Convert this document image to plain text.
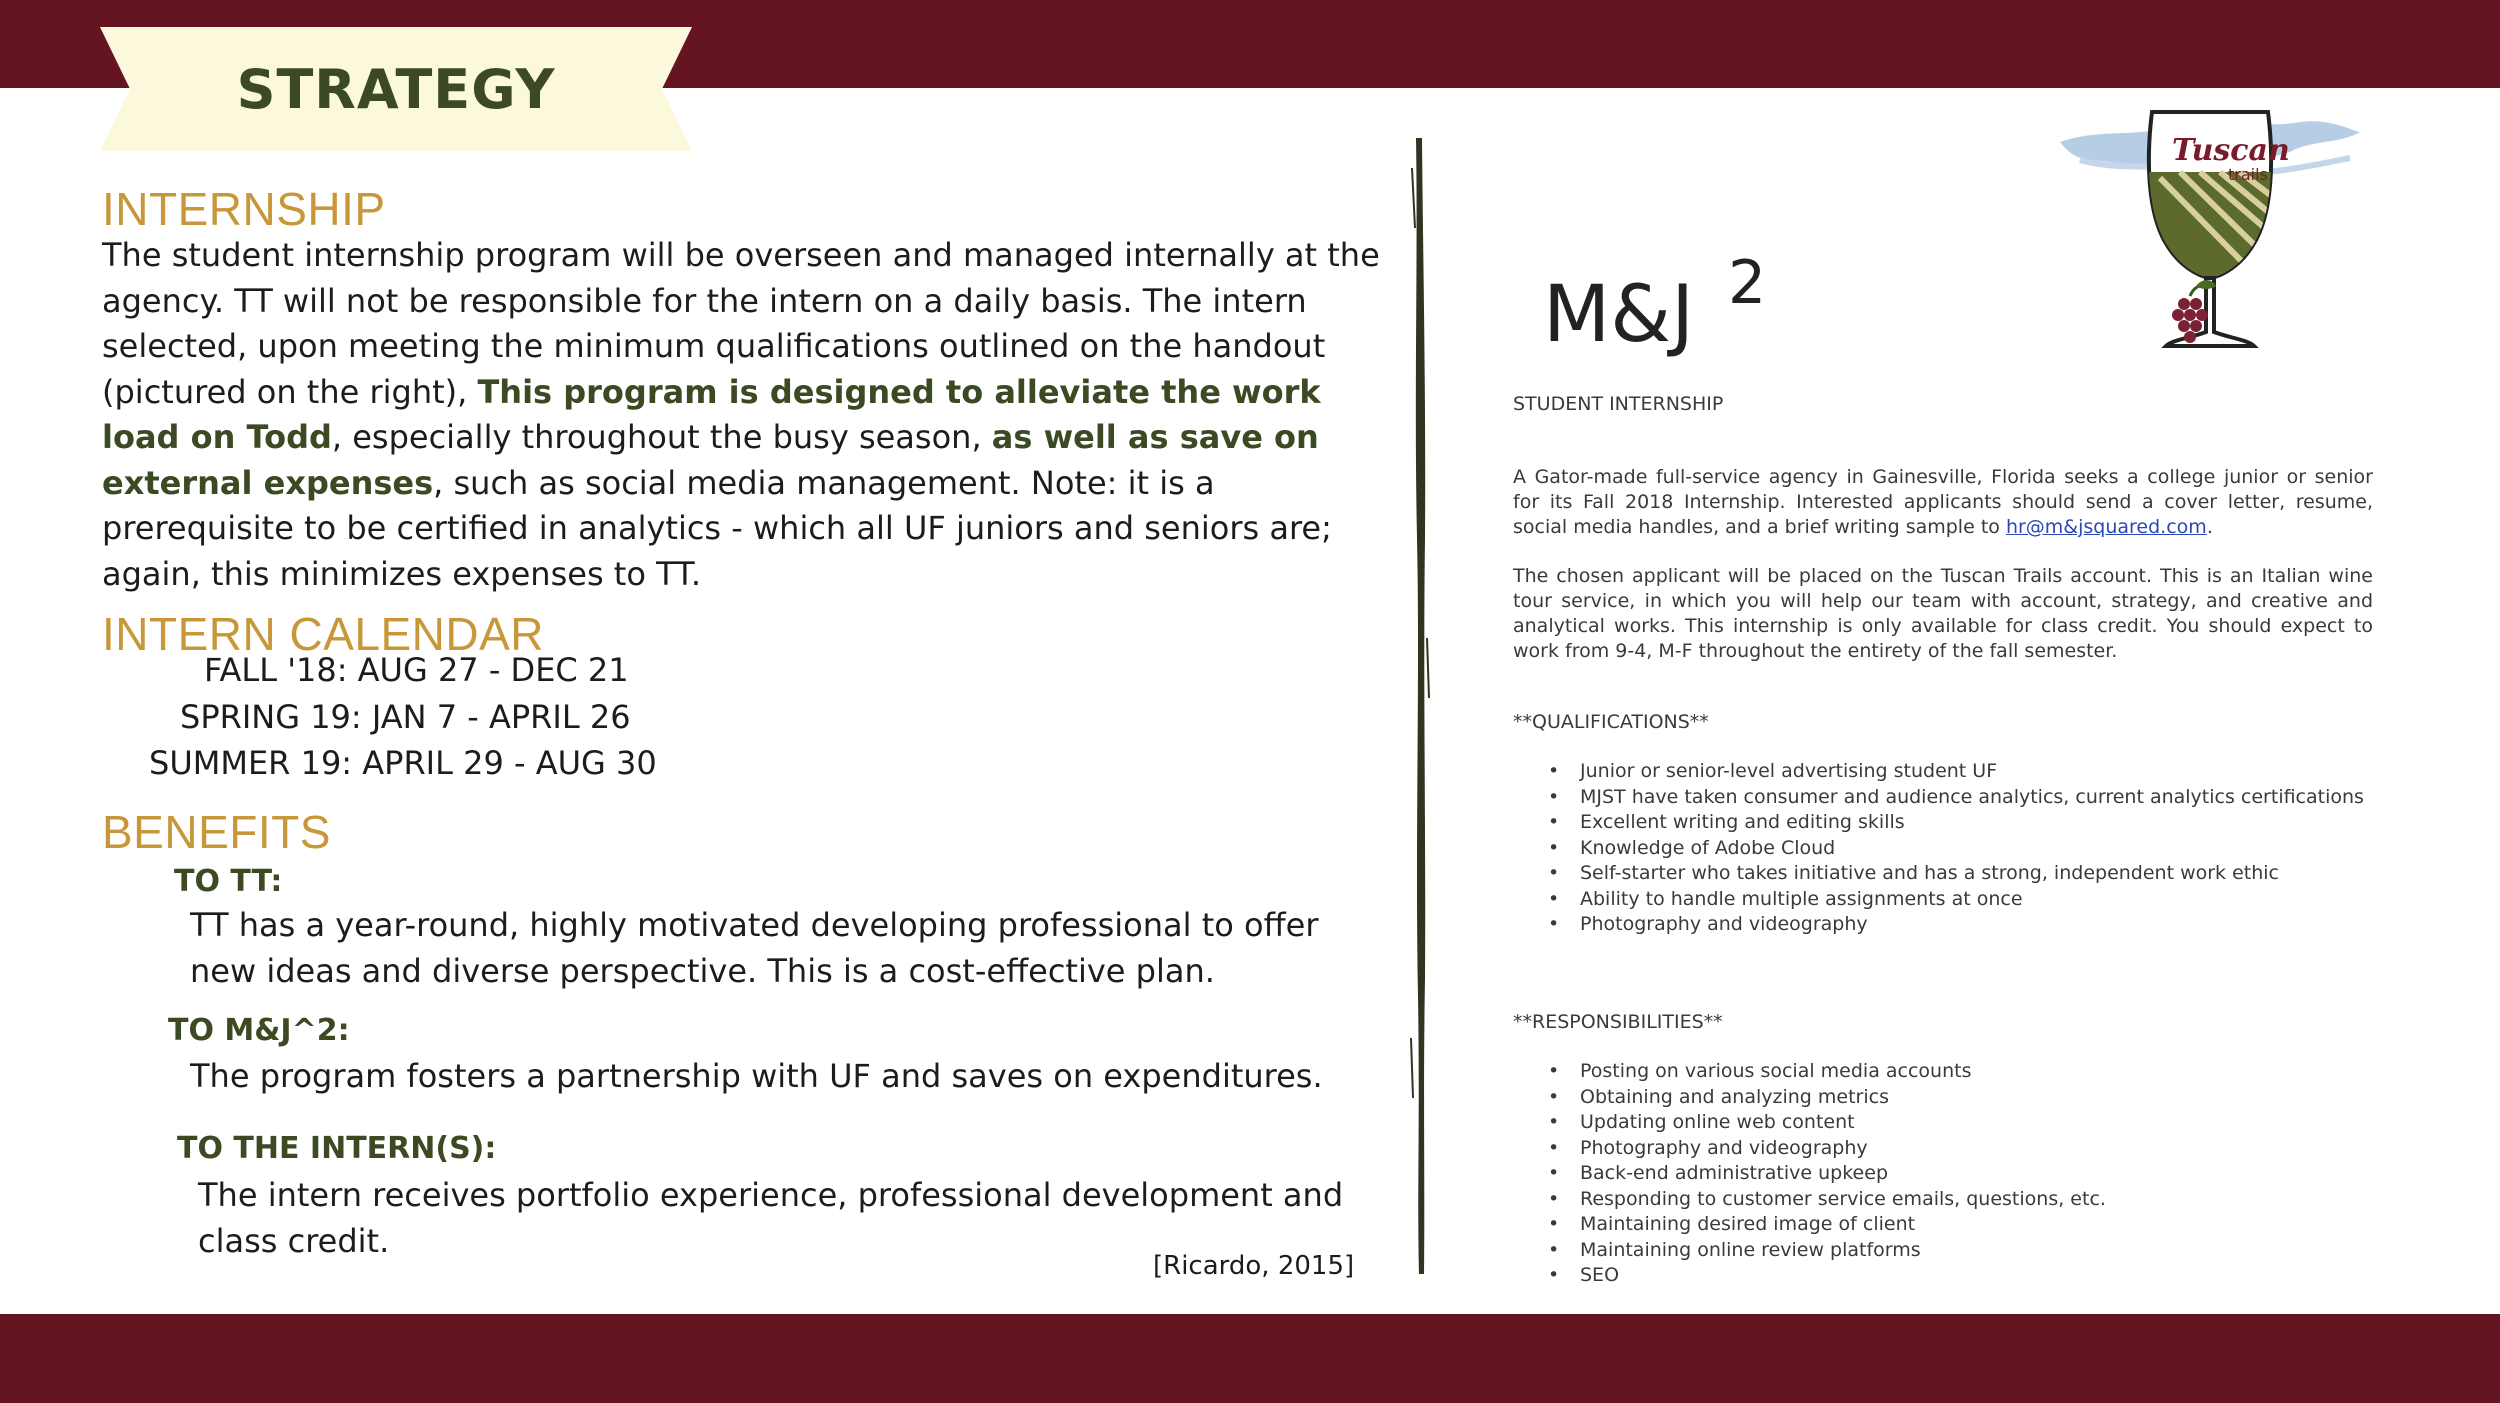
STRATEGY
INTERNSHIP
The student internship program will be overseen and managed internally at the agency. TT will not be responsible for the intern on a daily basis. The intern selected, upon meeting the minimum qualifications outlined on the handout (pictured on the right), This program is designed to alleviate the work load on Todd, especially throughout the busy season, as well as save on external expenses, such as social media management. Note: it is a prerequisite to be certified in analytics - which all UF juniors and seniors are; again, this minimizes expenses to TT.
INTERN CALENDAR
FALL '18: AUG 27 - DEC 21
SPRING 19: JAN 7 - APRIL 26
SUMMER 19: APRIL 29 - AUG 30
BENEFITS
TO TT:
TT has a year-round, highly motivated developing professional to offer new ideas and diverse perspective. This is a cost-effective plan.
TO M&J^2:
The program fosters a partnership with UF and saves on expenditures.
TO THE INTERN(S):
The intern receives portfolio experience, professional development and class credit.
[Ricardo, 2015]
M&J 2
Tuscan
trails
STUDENT INTERNSHIP
A Gator-made full-service agency in Gainesville, Florida seeks a college junior or senior for its Fall 2018 Internship. Interested applicants should send a cover letter, resume, social media handles, and a brief writing sample to hr@m&jsquared.com.
The chosen applicant will be placed on the Tuscan Trails account. This is an Italian wine tour service, in which you will help our team with account, strategy, and creative and analytical works. This internship is only available for class credit. You should expect to work from 9-4, M-F throughout the entirety of the fall semester.
**QUALIFICATIONS**
• Junior or senior-level advertising student UF
• MJST have taken consumer and audience analytics, current analytics certifications
• Excellent writing and editing skills
• Knowledge of Adobe Cloud
• Self-starter who takes initiative and has a strong, independent work ethic
• Ability to handle multiple assignments at once
• Photography and videography
**RESPONSIBILITIES**
• Posting on various social media accounts
• Obtaining and analyzing metrics
• Updating online web content
• Photography and videography
• Back-end administrative upkeep
• Responding to customer service emails, questions, etc.
• Maintaining desired image of client
• Maintaining online review platforms
• SEO
